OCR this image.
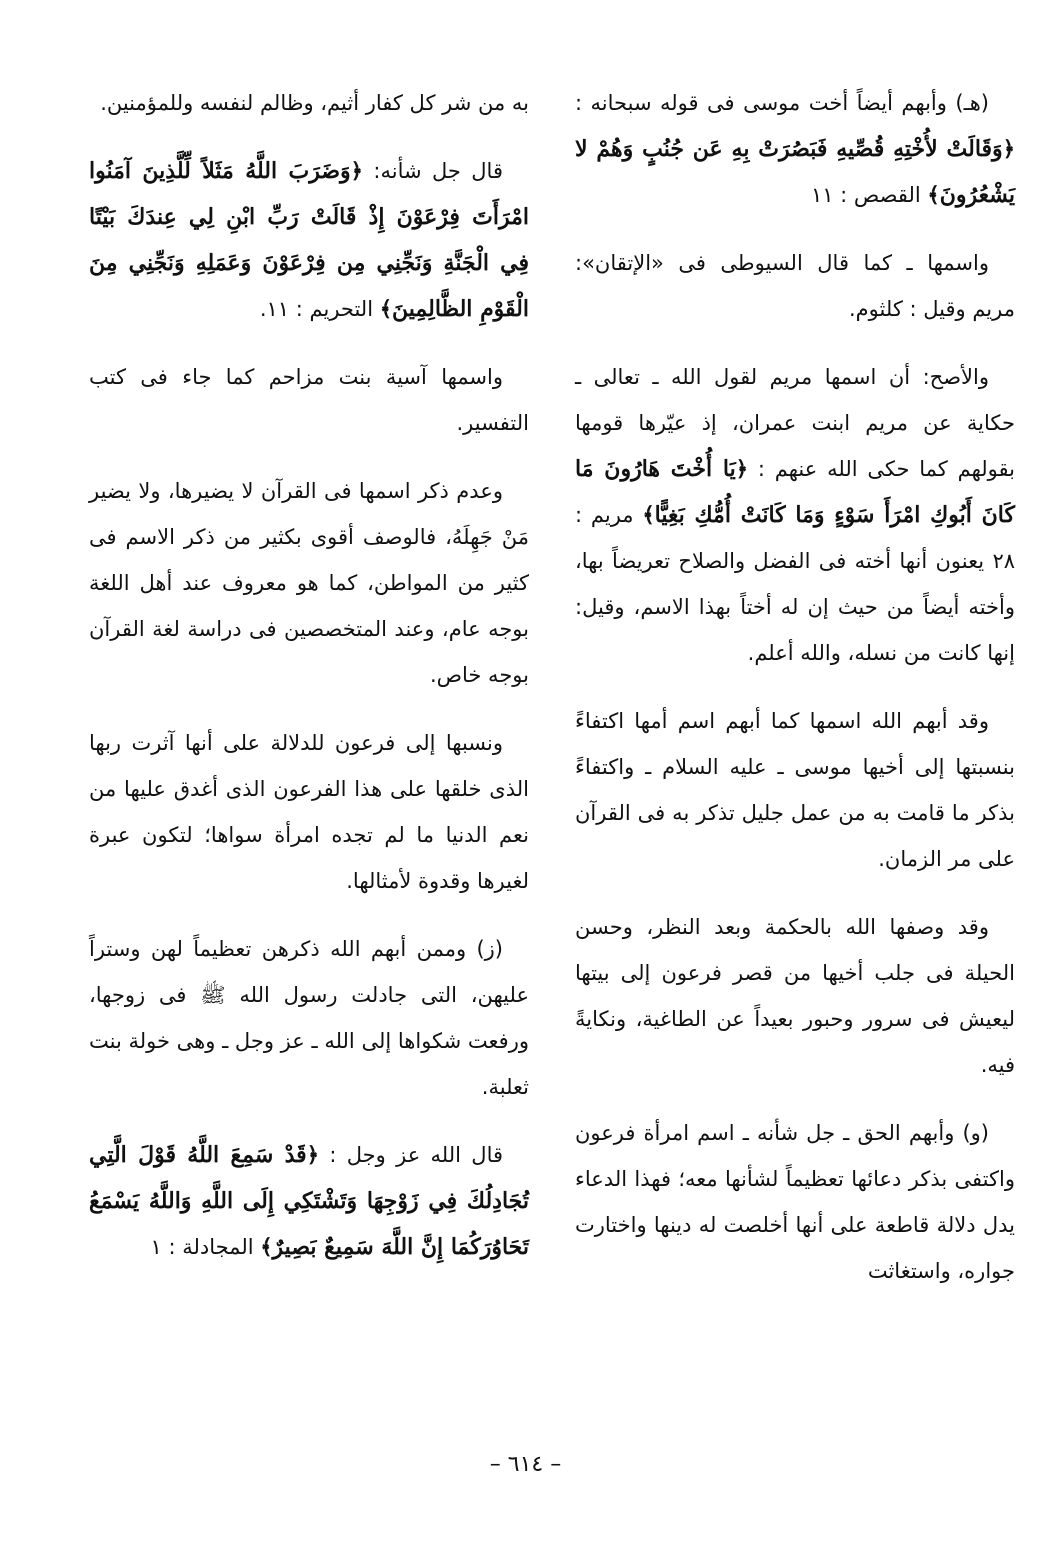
(هـ) وأبهم أيضاً أخت موسى فى قوله سبحانه : ﴿وَقَالَتْ لأُخْتِهِ قُصِّيهِ فَبَصُرَتْ بِهِ عَن جُنُبٍ وَهُمْ لا يَشْعُرُونَ﴾ القصص : ١١

واسمها ـ كما قال السيوطى فى «الإتقان»: مريم وقيل : كلثوم.

والأصح: أن اسمها مريم لقول الله ـ تعالى ـ حكاية عن مريم ابنت عمران، إذ عيّرها قومها بقولهم كما حكى الله عنهم : ﴿يَا أُخْتَ هَارُونَ مَا كَانَ أَبُوكِ امْرَأَ سَوْءٍ وَمَا كَانَتْ أُمُّكِ بَغِيًّا﴾ مريم : ٢٨ يعنون أنها أخته فى الفضل والصلاح تعريضاً بها، وأخته أيضاً من حيث إن له أختاً بهذا الاسم، وقيل: إنها كانت من نسله، والله أعلم.

وقد أبهم الله اسمها كما أبهم اسم أمها اكتفاءً بنسبتها إلى أخيها موسى ـ عليه السلام ـ واكتفاءً بذكر ما قامت به من عمل جليل تذكر به فى القرآن على مر الزمان.

وقد وصفها الله بالحكمة وبعد النظر، وحسن الحيلة فى جلب أخيها من قصر فرعون إلى بيتها ليعيش فى سرور وحبور بعيداً عن الطاغية، ونكايةً فيه.

(و) وأبهم الحق ـ جل شأنه ـ اسم امرأة فرعون واكتفى بذكر دعائها تعظيماً لشأنها معه؛ فهذا الدعاء يدل دلالة قاطعة على أنها أخلصت له دينها واختارت جواره، واستغاثت

به من شر كل كفار أثيم، وظالم لنفسه وللمؤمنين.

قال جل شأنه: ﴿وَضَرَبَ اللَّهُ مَثَلاً لِّلَّذِينَ آمَنُوا امْرَأَتَ فِرْعَوْنَ إِذْ قَالَتْ رَبِّ ابْنِ لِي عِندَكَ بَيْتًا فِي الْجَنَّةِ وَنَجِّنِي مِن فِرْعَوْنَ وَعَمَلِهِ وَنَجِّنِي مِنَ الْقَوْمِ الظَّالِمِينَ﴾ التحريم : ١١.

واسمها آسية بنت مزاحم كما جاء فى كتب التفسير.

وعدم ذكر اسمها فى القرآن لا يضيرها، ولا يضير مَنْ جَهِلَهُ، فالوصف أقوى بكثير من ذكر الاسم فى كثير من المواطن، كما هو معروف عند أهل اللغة بوجه عام، وعند المتخصصين فى دراسة لغة القرآن بوجه خاص.

ونسبها إلى فرعون للدلالة على أنها آثرت ربها الذى خلقها على هذا الفرعون الذى أغدق عليها من نعم الدنيا ما لم تجده امرأة سواها؛ لتكون عبرة لغيرها وقدوة لأمثالها.

(ز) وممن أبهم الله ذكرهن تعظيماً لهن وستراً عليهن، التى جادلت رسول الله ﷺ فى زوجها، ورفعت شكواها إلى الله ـ عز وجل ـ وهى خولة بنت ثعلبة.

قال الله عز وجل : ﴿قَدْ سَمِعَ اللَّهُ قَوْلَ الَّتِي تُجَادِلُكَ فِي زَوْجِهَا وَتَشْتَكِي إِلَى اللَّهِ وَاللَّهُ يَسْمَعُ تَحَاوُرَكُمَا إِنَّ اللَّهَ سَمِيعٌ بَصِيرٌ﴾ المجادلة : ١

– ٦١٤ –
